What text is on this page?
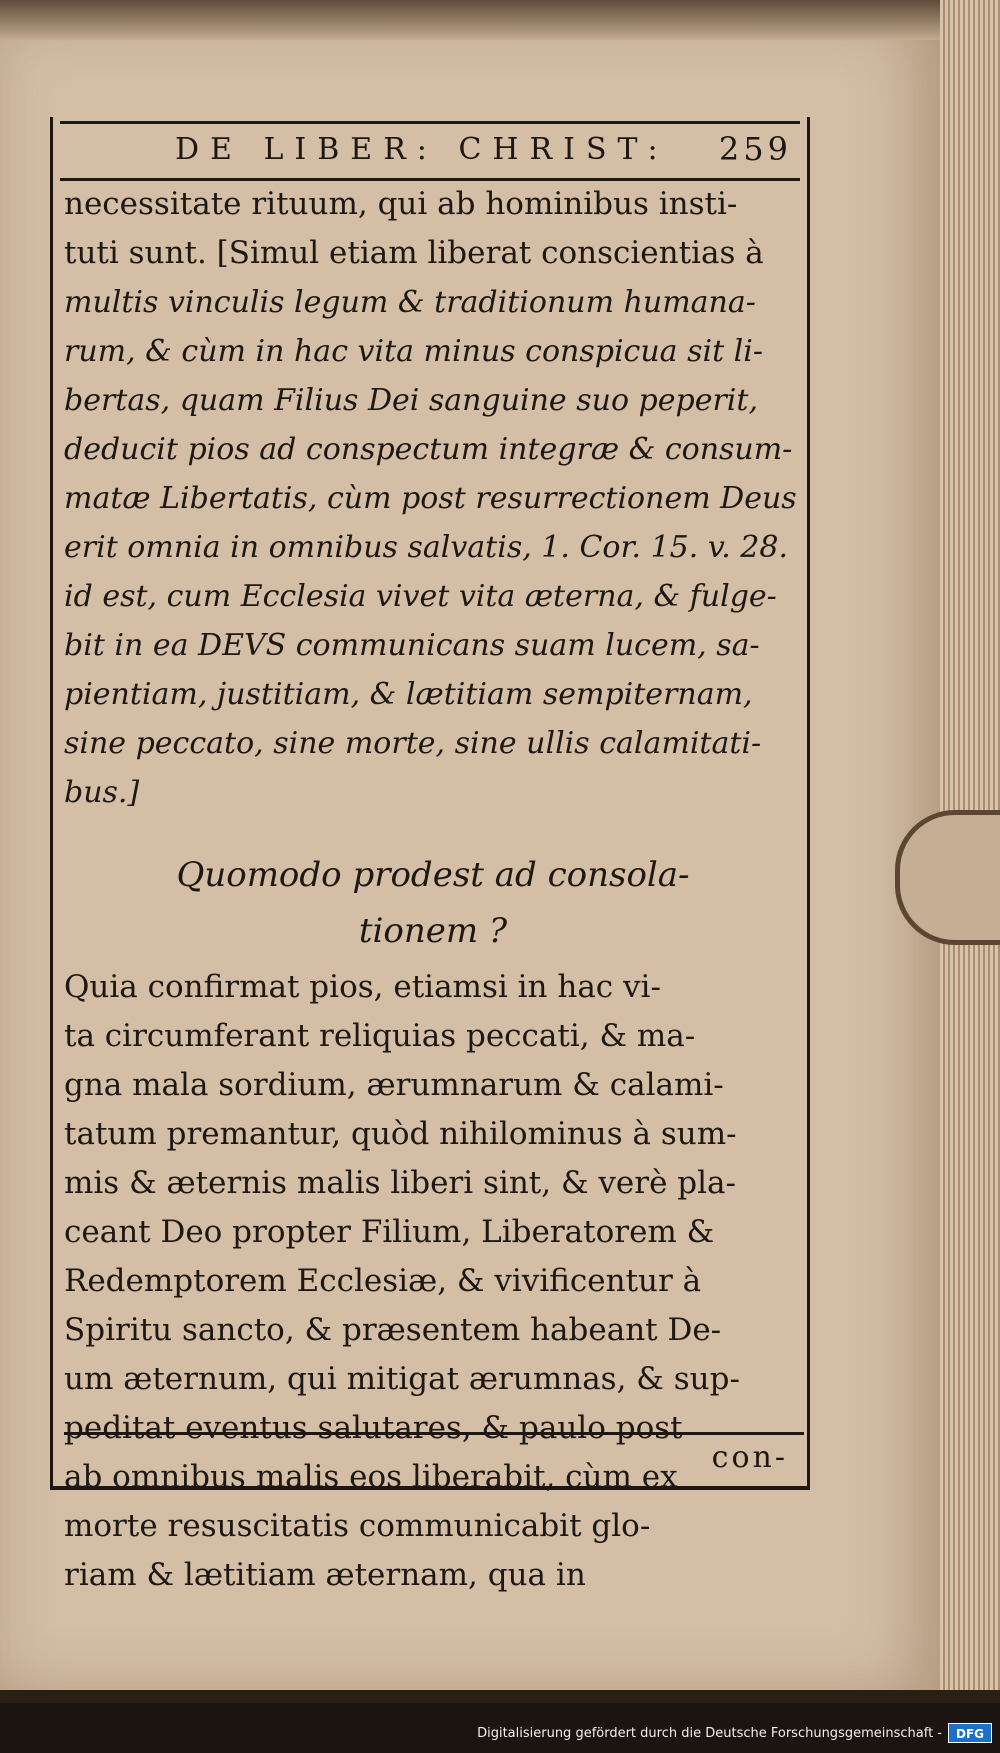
DE LIBER: CHRIST: 259
necessitate rituum, qui ab hominibus insti-
tuti sunt. [Simul etiam liberat conscientias à
multis vinculis legum & traditionum humana-
rum, & cùm in hac vita minus conspicua sit li-
bertas, quam Filius Dei sanguine suo peperit,
deducit pios ad conspectum integræ & consum-
matæ Libertatis, cùm post resurrectionem Deus
erit omnia in omnibus salvatis, 1. Cor. 15. v. 28.
id est, cum Ecclesia vivet vita æterna, & fulge-
bit in ea DEVS communicans suam lucem, sa-
pientiam, justitiam, & lætitiam sempiternam,
sine peccato, sine morte, sine ullis calamitati-
bus.]
Quomodo prodest ad consola-
tionem ?
Quia confirmat pios, etiamsi in hac vi-
ta circumferant reliquias peccati, & ma-
gna mala sordium, ærumnarum & calami-
tatum premantur, quòd nihilominus à sum-
mis & æternis malis liberi sint, & verè pla-
ceant Deo propter Filium, Liberatorem &
Redemptorem Ecclesiæ, & vivificentur à
Spiritu sancto, & præsentem habeant De-
um æternum, qui mitigat ærumnas, & sup-
peditat eventus salutares, & paulo post
ab omnibus malis eos liberabit, cùm ex
morte resuscitatis communicabit glo-
riam & lætitiam æternam, qua in
con-
Digitalisierung gefördert durch die Deutsche Forschungsgemeinschaft -	DFG
